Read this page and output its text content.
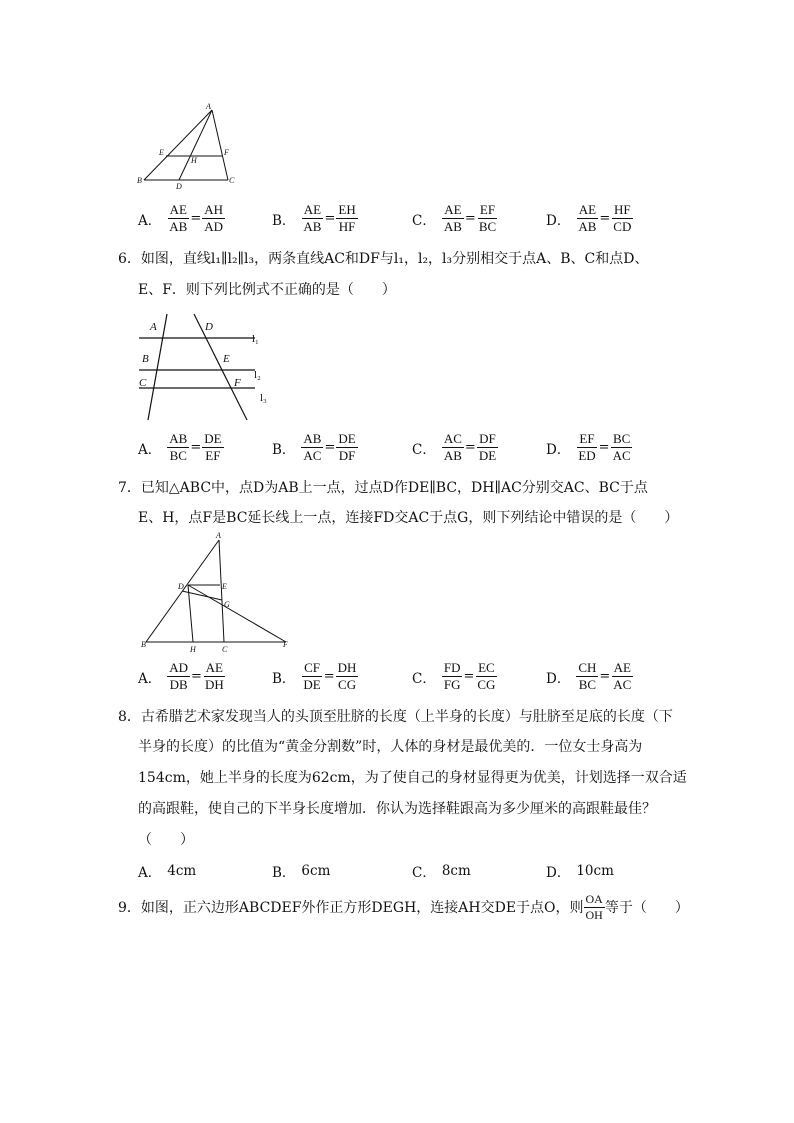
A
E
H
F
B
D
C
A． $\frac{AE}{AB} = \frac{AH}{AD}$	B． $\frac{AE}{AB} = \frac{EH}{HF}$	C． $\frac{AE}{AB} = \frac{EF}{BC}$	D． $\frac{AE}{AB} = \frac{HF}{CD}$
6．如图，直线l₁∥l₂∥l₃，两条直线AC和DF与l₁，l₂，l₃分别相交于点A、B、C和点D、
E、F．则下列比例式不正确的是（　　）
A	D
l₁
B	E
l₂
C	F
l₃
A． $\frac{AB}{BC} = \frac{DE}{EF}$	B． $\frac{AB}{AC} = \frac{DE}{DF}$	C． $\frac{AC}{AB} = \frac{DF}{DE}$	D． $\frac{EF}{ED} = \frac{BC}{AC}$
7．已知△ABC中，点D为AB上一点，过点D作DE∥BC，DH∥AC分别交AC、BC于点
E、H，点F是BC延长线上一点，连接FD交AC于点G，则下列结论中错误的是（　　）
A
D	E
G
B
H	C
F
A． $\frac{AD}{DB} = \frac{AE}{DH}$	B． $\frac{CF}{DE} = \frac{DH}{CG}$	C． $\frac{FD}{FG} = \frac{EC}{CG}$	D． $\frac{CH}{BC} = \frac{AE}{AC}$
8．古希腊艺术家发现当人的头顶至肚脐的长度（上半身的长度）与肚脐至足底的长度（下
半身的长度）的比值为“黄金分割数”时，人体的身材是最优美的．一位女士身高为
154cm，她上半身的长度为62cm，为了使自己的身材显得更为优美，计划选择一双合适
的高跟鞋，使自己的下半身长度增加．你认为选择鞋跟高为多少厘米的高跟鞋最佳？
（　　）
A． 4cm	B． 6cm	C． 8cm	D． 10cm
9．如图，正六边形ABCDEF外作正方形DEGH，连接AH交DE于点O，则 $\frac{OA}{OH}$ 等于（　　）
